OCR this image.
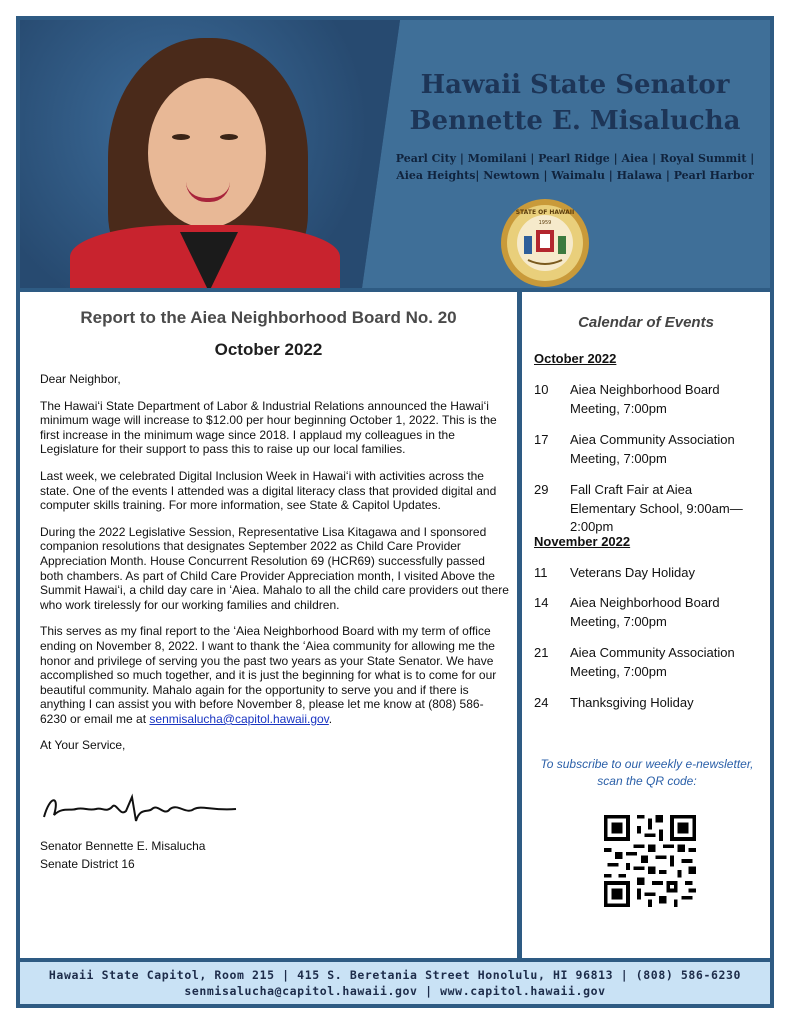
Hawaii State Senator
Bennette E. Misalucha
Pearl City | Momilani | Pearl Ridge | Aiea | Royal Summit |
Aiea Heights| Newtown | Waimalu | Halawa | Pearl Harbor
STATE OF HAWAII
1959
Report to the Aiea Neighborhood Board No. 20
October 2022

Dear Neighbor,

The Hawaiʻi State Department of Labor & Industrial Relations announced the Hawaiʻi minimum wage will increase to $12.00 per hour beginning October 1, 2022. This is the first increase in the minimum wage since 2018. I applaud my colleagues in the Legislature for their support to pass this to raise up our local families.

Last week, we celebrated Digital Inclusion Week in Hawaiʻi with activities across the state. One of the events I attended was a digital literacy class that provided digital and computer skills training. For more information, see State & Capitol Updates.

During the 2022 Legislative Session, Representative Lisa Kitagawa and I sponsored companion resolutions that designates September 2022 as Child Care Provider Appreciation Month. House Concurrent Resolution 69 (HCR69) successfully passed both chambers. As part of Child Care Provider Appreciation month, I visited Above the Summit Hawaiʻi, a child day care in ʻAiea. Mahalo to all the child care providers out there who work tirelessly for our working families and children.

This serves as my final report to the ʻAiea Neighborhood Board with my term of office ending on November 8, 2022. I want to thank the ʻAiea community for allowing me the honor and privilege of serving you the past two years as your State Senator. We have accomplished so much together, and it is just the beginning for what is to come for our beautiful community. Mahalo again for the opportunity to serve you and if there is anything I can assist you with before November 8, please let me know at (808) 586-6230 or email me at senmisalucha@capitol.hawaii.gov.

At Your Service,

Senator Bennette E. Misalucha
Senate District 16
Calendar of Events
October 2022
10	Aiea Neighborhood Board Meeting, 7:00pm
17	Aiea Community Association Meeting, 7:00pm
29	Fall Craft Fair at Aiea Elementary School, 9:00am—2:00pm
November 2022
11	Veterans Day Holiday
14	Aiea Neighborhood Board Meeting, 7:00pm
21	Aiea Community Association Meeting, 7:00pm
24	Thanksgiving Holiday
To subscribe to our weekly e-newsletter,
scan the QR code:
Hawaii State Capitol, Room 215 | 415 S. Beretania Street Honolulu, HI 96813 | (808) 586-6230
senmisalucha@capitol.hawaii.gov | www.capitol.hawaii.gov
